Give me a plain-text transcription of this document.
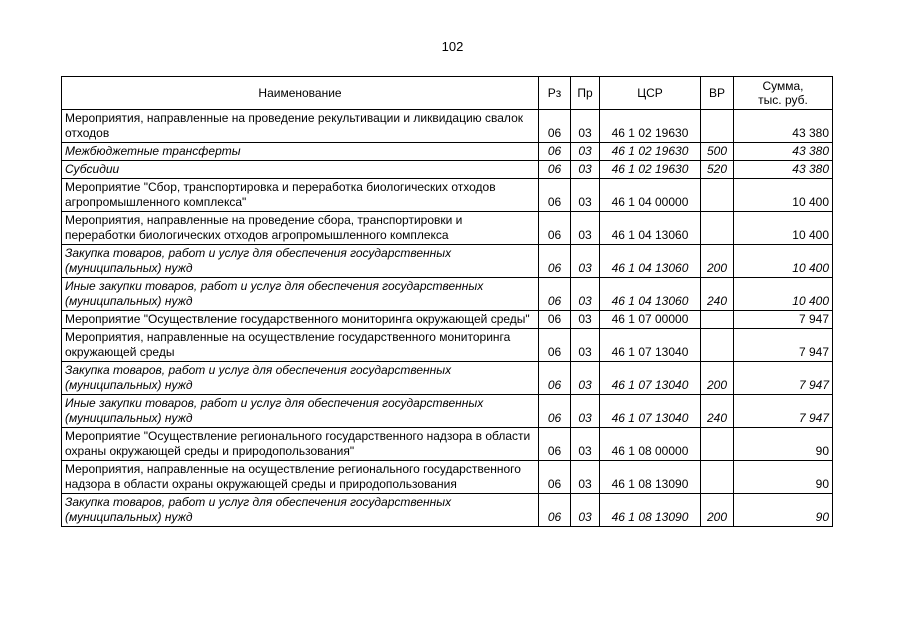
102
Наименование	Рз	Пр	ЦСР	ВР	Сумма,
тыс. руб.
Мероприятия, направленные на проведение рекультивации и ликвидацию свалок отходов	06	03	46 1 02 19630		43 380
Межбюджетные трансферты	06	03	46 1 02 19630	500	43 380
Субсидии	06	03	46 1 02 19630	520	43 380
Мероприятие "Сбор, транспортировка и переработка биологических отходов агропромышленного комплекса"	06	03	46 1 04 00000		10 400
Мероприятия, направленные на проведение сбора, транспортировки и переработки биологических отходов агропромышленного комплекса	06	03	46 1 04 13060		10 400
Закупка товаров, работ и услуг для обеспечения государственных (муниципальных) нужд	06	03	46 1 04 13060	200	10 400
Иные закупки товаров, работ и услуг для обеспечения государственных (муниципальных) нужд	06	03	46 1 04 13060	240	10 400
Мероприятие "Осуществление государственного мониторинга окружающей среды"	06	03	46 1 07 00000		7 947
Мероприятия, направленные на осуществление государственного мониторинга окружающей среды	06	03	46 1 07 13040		7 947
Закупка товаров, работ и услуг для обеспечения государственных (муниципальных) нужд	06	03	46 1 07 13040	200	7 947
Иные закупки товаров, работ и услуг для обеспечения государственных (муниципальных) нужд	06	03	46 1 07 13040	240	7 947
Мероприятие "Осуществление регионального государственного надзора в области охраны окружающей среды и природопользования"	06	03	46 1 08 00000		90
Мероприятия, направленные на осуществление регионального государственного надзора в области охраны окружающей среды и природопользования	06	03	46 1 08 13090		90
Закупка товаров, работ и услуг для обеспечения государственных (муниципальных) нужд	06	03	46 1 08 13090	200	90
